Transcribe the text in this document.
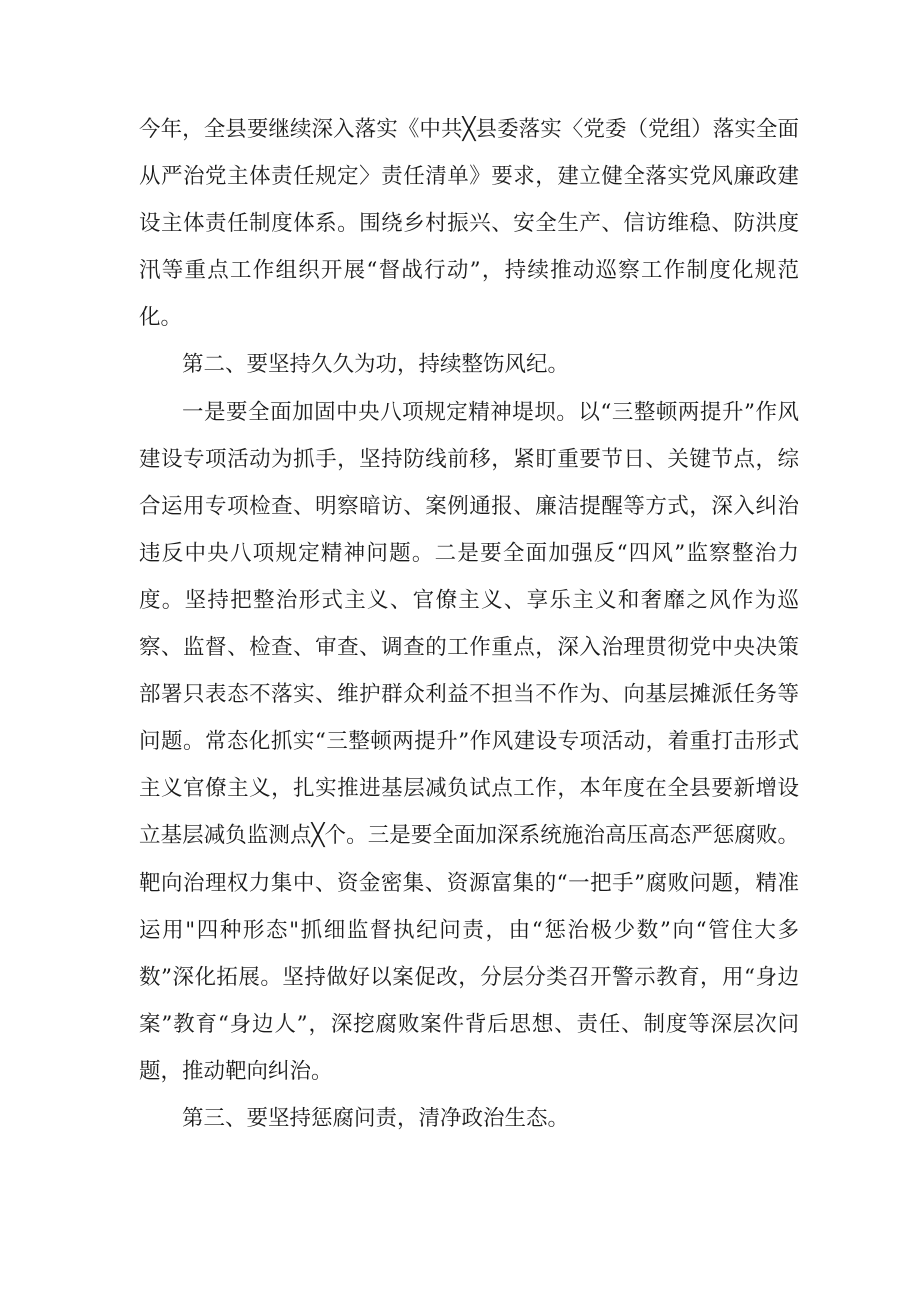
今年，全县要继续深入落实《中共╳县委落实〈党委（党组）落实全面从严治党主体责任规定〉责任清单》要求，建立健全落实党风廉政建设主体责任制度体系。围绕乡村振兴、安全生产、信访维稳、防洪度汛等重点工作组织开展“督战行动”，持续推动巡察工作制度化规范化。

第二、要坚持久久为功，持续整饬风纪。

一是要全面加固中央八项规定精神堤坝。以“三整顿两提升”作风建设专项活动为抓手，坚持防线前移，紧盯重要节日、关键节点，综合运用专项检查、明察暗访、案例通报、廉洁提醒等方式，深入纠治违反中央八项规定精神问题。二是要全面加强反“四风”监察整治力度。坚持把整治形式主义、官僚主义、享乐主义和奢靡之风作为巡察、监督、检查、审查、调查的工作重点，深入治理贯彻党中央决策部署只表态不落实、维护群众利益不担当不作为、向基层摊派任务等问题。常态化抓实“三整顿两提升”作风建设专项活动，着重打击形式主义官僚主义，扎实推进基层减负试点工作，本年度在全县要新增设立基层减负监测点╳个。三是要全面加深系统施治高压高态严惩腐败。靶向治理权力集中、资金密集、资源富集的“一把手”腐败问题，精准运用"四种形态"抓细监督执纪问责，由“惩治极少数”向“管住大多数”深化拓展。坚持做好以案促改，分层分类召开警示教育，用“身边案”教育“身边人”，深挖腐败案件背后思想、责任、制度等深层次问题，推动靶向纠治。

第三、要坚持惩腐问责，清净政治生态。
